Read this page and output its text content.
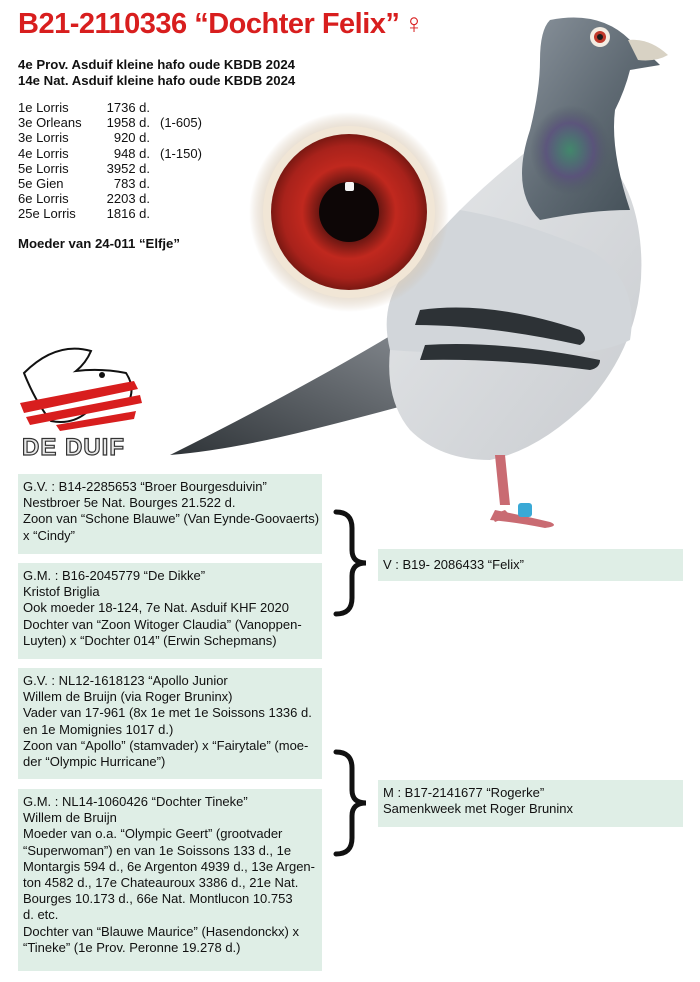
B21-2110336 “Dochter Felix” ♀
4e Prov. Asduif kleine hafo oude KBDB 2024
14e Nat. Asduif kleine hafo oude KBDB 2024
1e Lorris	1736 d.
3e Orleans	1958 d. (1-605)
3e Lorris	920 d.
4e Lorris	948 d. (1-150)
5e Lorris	3952 d.
5e Gien	783 d.
6e Lorris	2203 d.
25e Lorris	1816 d.
Moeder van 24-011 “Elfje”
DE DUIF
G.V. : B14-2285653 “Broer Bourgesduivin”
Nestbroer 5e Nat. Bourges 21.522 d.
Zoon van “Schone Blauwe” (Van Eynde-Goovaerts)
x “Cindy”
G.M. : B16-2045779 “De Dikke”
Kristof Briglia
Ook moeder 18-124, 7e Nat. Asduif KHF 2020
Dochter van “Zoon Witoger Claudia” (Vanoppen-
Luyten) x “Dochter 014” (Erwin Schepmans)
G.V. : NL12-1618123 “Apollo Junior
Willem de Bruijn (via Roger Bruninx)
Vader van 17-961 (8x 1e met 1e Soissons 1336 d.
en 1e Momignies 1017 d.)
Zoon van “Apollo” (stamvader) x “Fairytale” (moe-
der “Olympic Hurricane”)
G.M. : NL14-1060426 “Dochter Tineke”
Willem de Bruijn
Moeder van o.a. “Olympic Geert” (grootvader
“Superwoman”) en van 1e Soissons 133 d., 1e
Montargis 594 d., 6e Argenton 4939 d., 13e Argen-
ton 4582 d., 17e Chateauroux 3386 d., 21e Nat.
Bourges 10.173 d., 66e Nat. Montlucon 10.753
d. etc.
Dochter van “Blauwe Maurice” (Hasendonckx) x
“Tineke” (1e Prov. Peronne 19.278 d.)
V : B19- 2086433 “Felix”
M : B17-2141677 “Rogerke”
Samenkweek met Roger Bruninx
